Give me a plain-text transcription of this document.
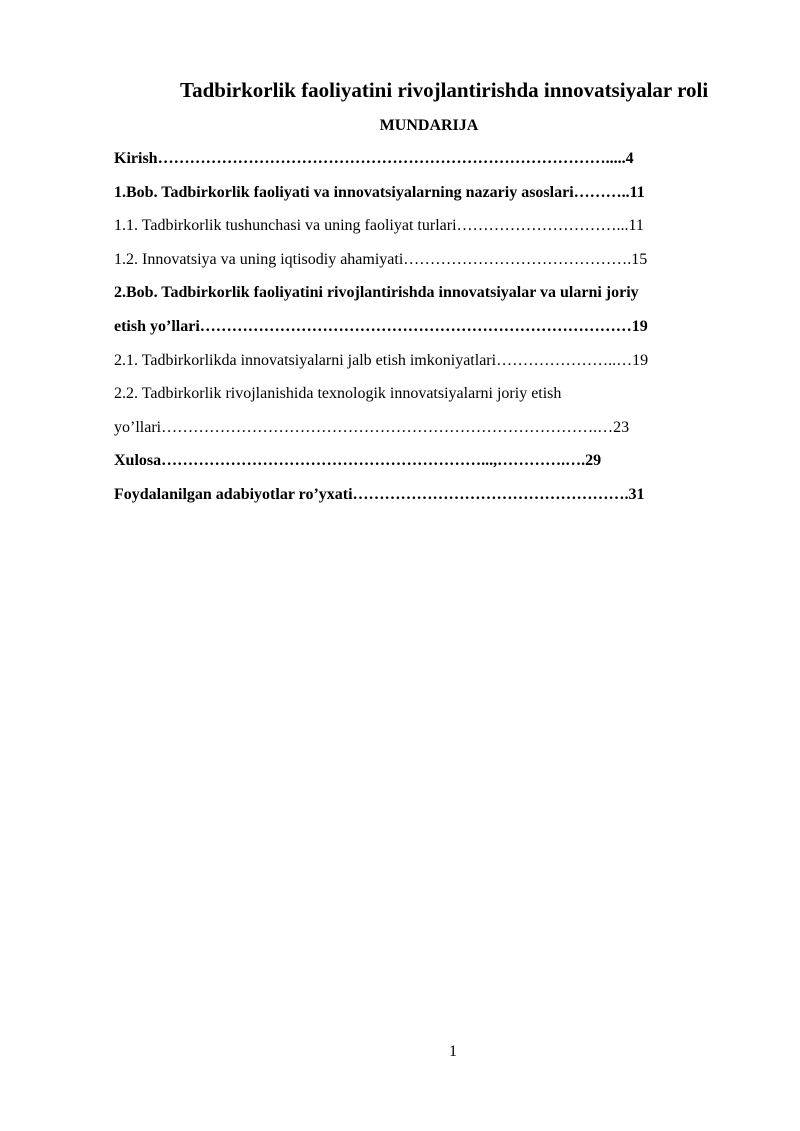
Tadbirkorlik faoliyatini rivojlantirishda innovatsiyalar roli
MUNDARIJA
Kirish………………………………………………………………………….....4
1.Bob. Tadbirkorlik faoliyati va innovatsiyalarning nazariy asoslari………..11
1.1. Tadbirkorlik tushunchasi va uning faoliyat turlari…………………………...11
1.2. Innovatsiya va uning iqtisodiy ahamiyati…………………………………….15
2.Bob. Tadbirkorlik faoliyatini rivojlantirishda innovatsiyalar va ularni joriy
etish yo’llari………………………………………………………………………19
2.1. Tadbirkorlikda innovatsiyalarni jalb etish imkoniyatlari…………………..…19
2.2. Tadbirkorlik rivojlanishida texnologik innovatsiyalarni joriy etish
yo’llari……………………………………………………………………….…23
Xulosa……………………………………………………...,………….….29
Foydalanilgan adabiyotlar ro’yxati…………………………………………….31
1
